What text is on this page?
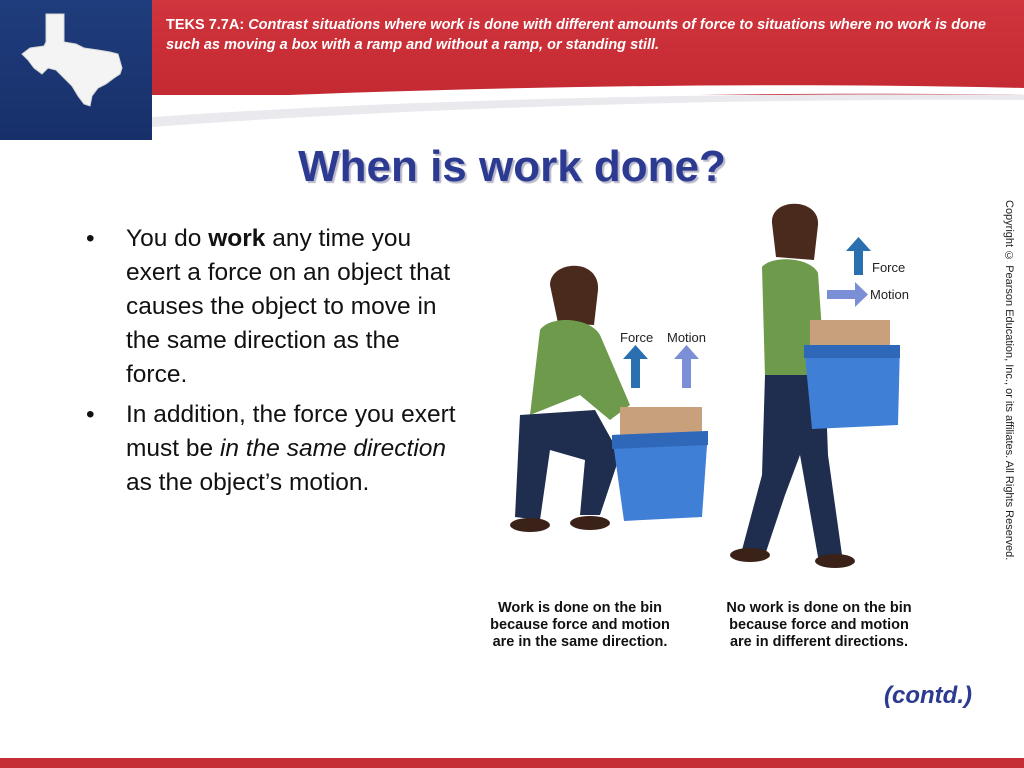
TEKS 7.7A: Contrast situations where work is done with different amounts of force to situations where no work is done such as moving a box with a ramp and without a ramp, or standing still.
When is work done?
• You do work any time you exert a force on an object that causes the object to move in the same direction as the force.
• In addition, the force you exert must be in the same direction as the object’s motion.
Force Motion
Force
Motion
Work is done on the bin because force and motion are in the same direction.
No work is done on the bin because force and motion are in different directions.
Copyright © Pearson Education, Inc., or its affiliates. All Rights Reserved.
(contd.)
